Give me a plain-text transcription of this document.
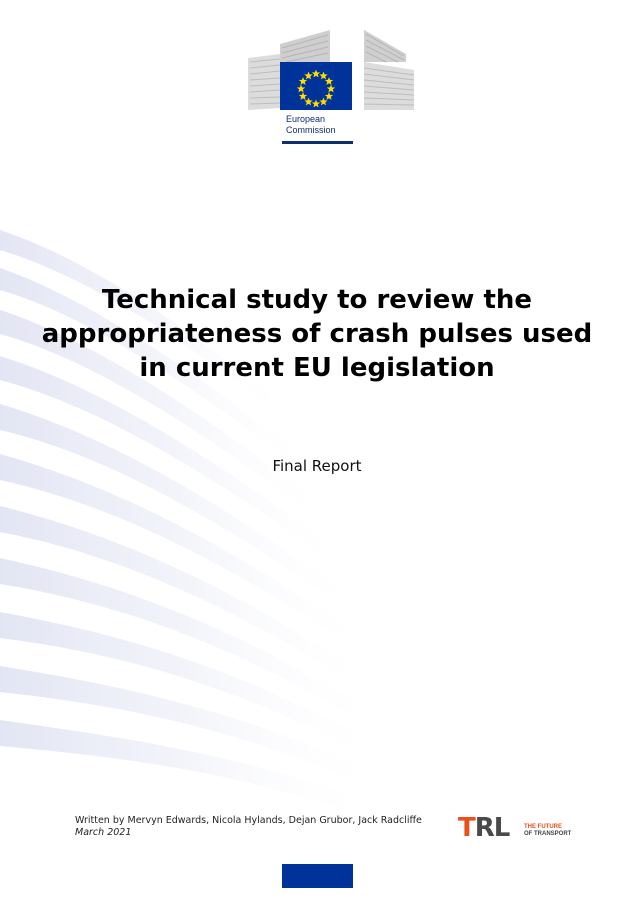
European
Commission
Technical study to review the appropriateness of crash pulses used in current EU legislation
Final Report
Written by Mervyn Edwards, Nicola Hylands, Dejan Grubor, Jack Radcliffe
March 2021	TRL THE FUTURE
OF TRANSPORT
